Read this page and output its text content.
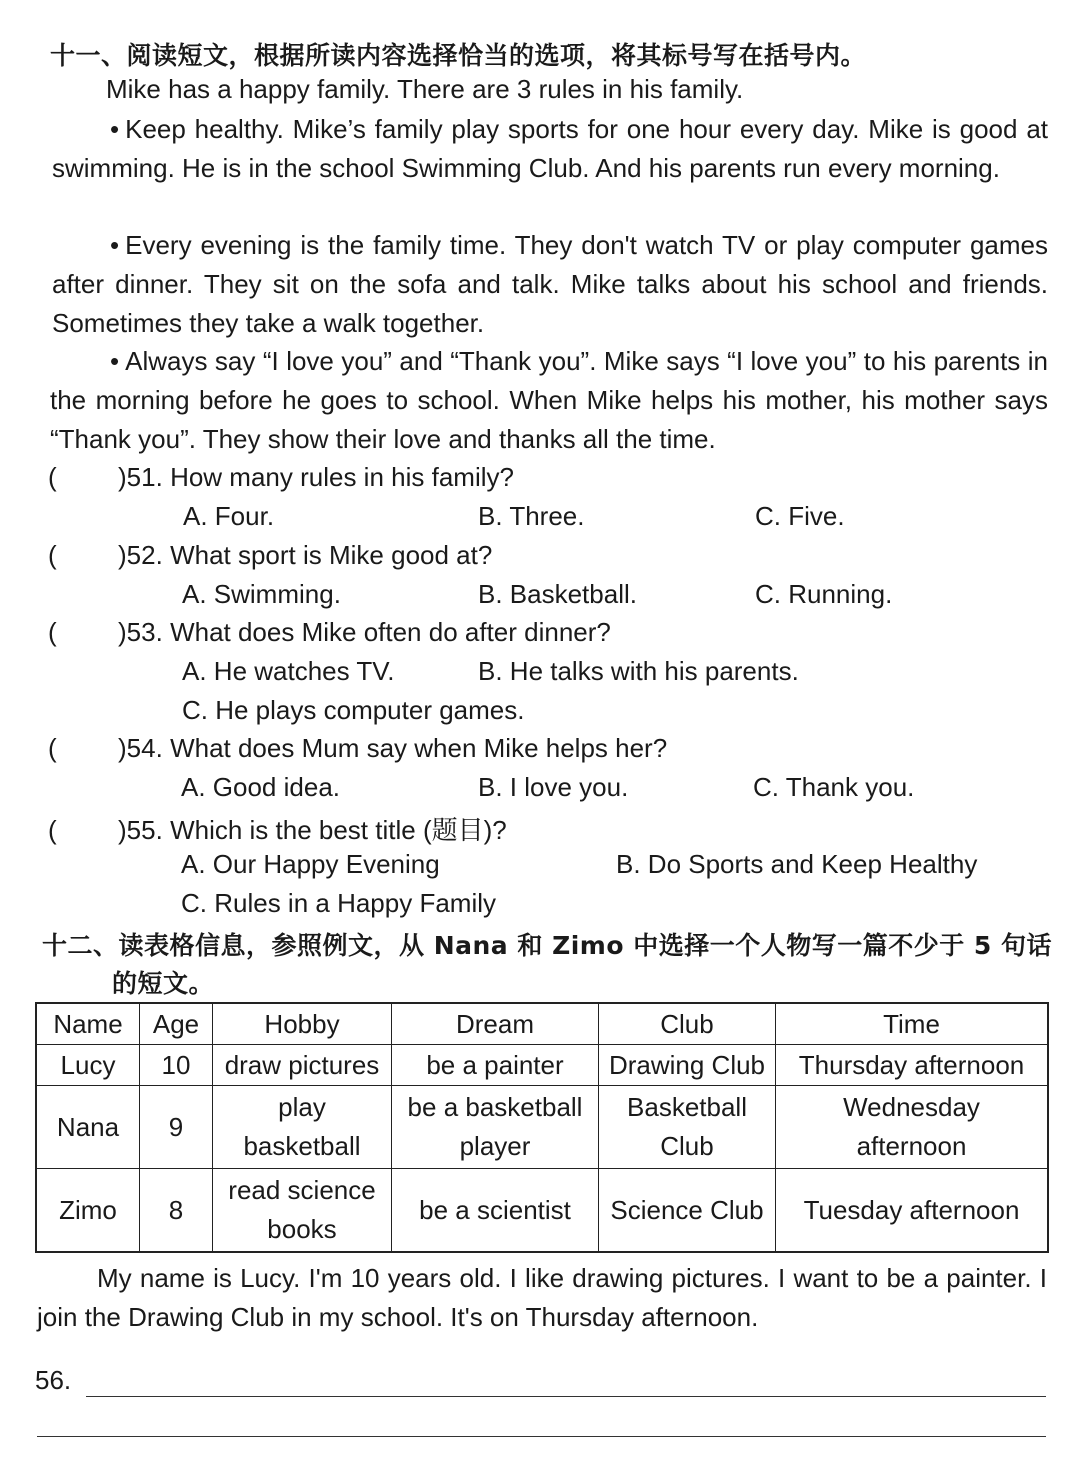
十一、阅读短文，根据所读内容选择恰当的选项，将其标号写在括号内。
Mike has a happy family. There are 3 rules in his family.
• Keep healthy. Mike’s family play sports for one hour every day. Mike is good at swimming. He is in the school Swimming Club. And his parents run every morning.
• Every evening is the family time. They don't watch TV or play computer games after dinner. They sit on the sofa and talk. Mike talks about his school and friends. Sometimes they take a walk together.
• Always say “I love you” and “Thank you”. Mike says “I love you” to his parents in the morning before he goes to school. When Mike helps his mother, his mother says “Thank you”. They show their love and thanks all the time.
( )51. How many rules in his family?
A. Four.	B. Three.	C. Five.
( )52. What sport is Mike good at?
A. Swimming.	B. Basketball.	C. Running.
( )53. What does Mike often do after dinner?
A. He watches TV.	B. He talks with his parents.
C. He plays computer games.
( )54. What does Mum say when Mike helps her?
A. Good idea.	B. I love you.	C. Thank you.
( )55. Which is the best title (题目)?
A. Our Happy Evening	B. Do Sports and Keep Healthy
C. Rules in a Happy Family
十二、读表格信息，参照例文，从 Nana 和 Zimo 中选择一个人物写一篇不少于 5 句话
的短文。
Name	Age	Hobby	Dream	Club	Time
Lucy	10	draw pictures	be a painter	Drawing Club	Thursday afternoon
Nana	9	play basketball	be a basketball player	Basketball Club	Wednesday afternoon
Zimo	8	read science books	be a scientist	Science Club	Tuesday afternoon
My name is Lucy. I'm 10 years old. I like drawing pictures. I want to be a painter. I join the Drawing Club in my school. It's on Thursday afternoon.
56.
